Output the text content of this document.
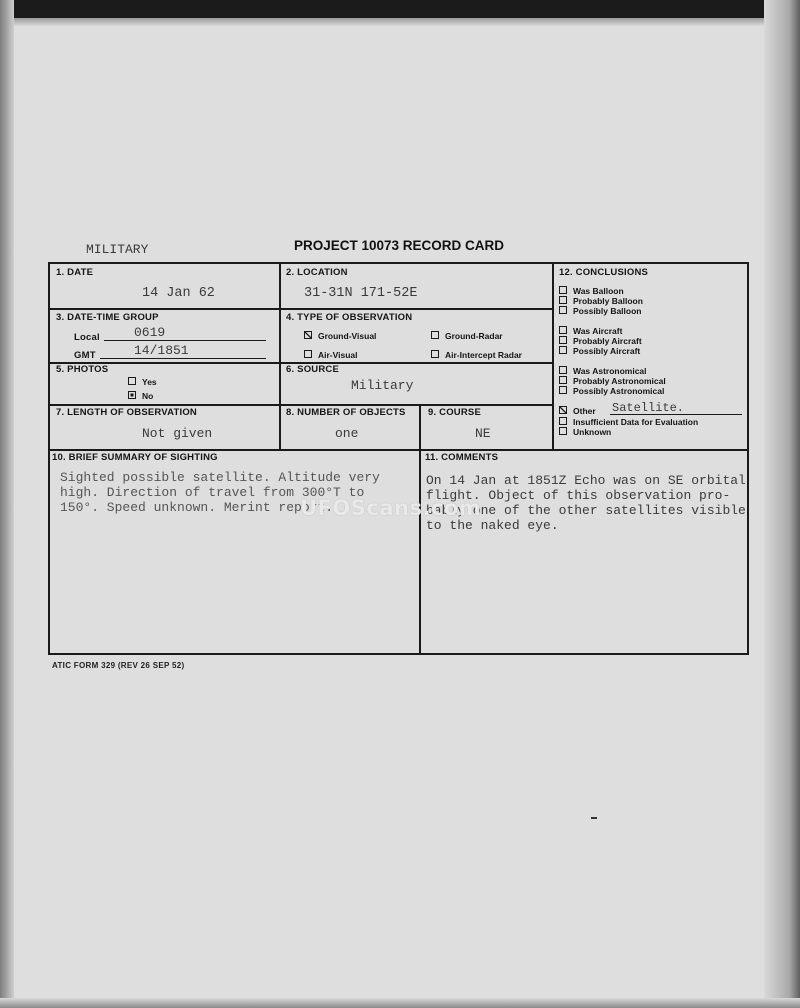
MILITARY	PROJECT 10073 RECORD CARD
1. DATE
14 Jan 62
2. LOCATION
31-31N 171-52E
3. DATE-TIME GROUP
Local	0619
GMT	14/1851
4. TYPE OF OBSERVATION
Ground-Visual	Ground-Radar
Air-Visual	Air-Intercept Radar
5. PHOTOS
Yes
No
6. SOURCE
Military
7. LENGTH OF OBSERVATION
Not given
8. NUMBER OF OBJECTS
one
9. COURSE
NE
12. CONCLUSIONS
Was Balloon
Probably Balloon
Possibly Balloon
Was Aircraft
Probably Aircraft
Possibly Aircraft
Was Astronomical
Probably Astronomical
Possibly Astronomical
Other Satellite.
Insufficient Data for Evaluation
Unknown
10. BRIEF SUMMARY OF SIGHTING
Sighted possible satellite. Altitude very
high. Direction of travel from 300°T to
150°. Speed unknown. Merint report.
11. COMMENTS
On 14 Jan at 1851Z Echo was on SE orbital
flight. Object of this observation pro-
bably one of the other satellites visible
to the naked eye.
UFOScans.com
ATIC FORM 329 (REV 26 SEP 52)
